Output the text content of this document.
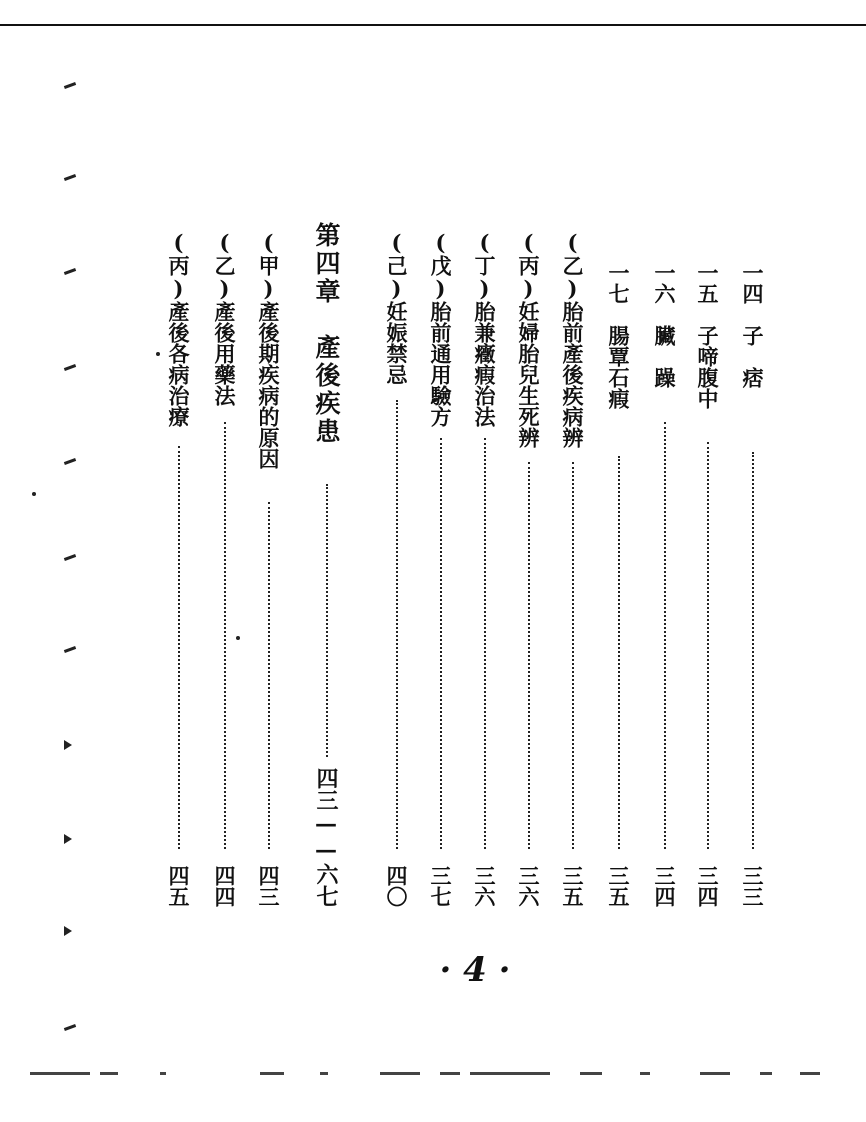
一四　子　痞
三三
一五　子啼腹中
三四
一六　臟　躁
三四
一七　腸覃石瘕
三五
(乙)胎前產後疾病辨
三五
(丙)妊婦胎兒生死辨
三六
(丁)胎兼癥瘕治法
三六
(戊)胎前通用驗方
三七
(己)妊娠禁忌
四〇
第四章　產後疾患
四三——六七
(甲)產後期疾病的原因
四三
(乙)產後用藥法
四四
(丙)產後各病治療
四五
· 4 ·
